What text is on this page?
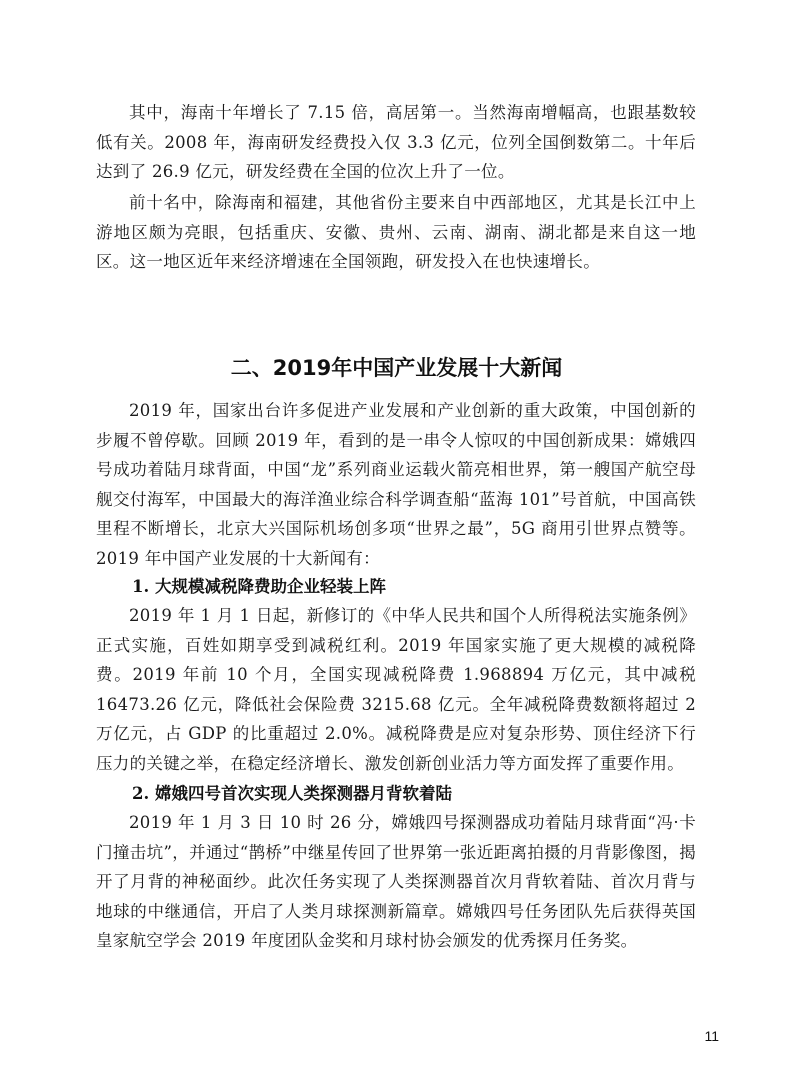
其中，海南十年增长了 7.15 倍，高居第一。当然海南增幅高，也跟基数较低有关。2008 年，海南研发经费投入仅 3.3 亿元，位列全国倒数第二。十年后达到了 26.9 亿元，研发经费在全国的位次上升了一位。

前十名中，除海南和福建，其他省份主要来自中西部地区，尤其是长江中上游地区颇为亮眼，包括重庆、安徽、贵州、云南、湖南、湖北都是来自这一地区。这一地区近年来经济增速在全国领跑，研发投入在也快速增长。

二、2019年中国产业发展十大新闻

2019 年，国家出台许多促进产业发展和产业创新的重大政策，中国创新的步履不曾停歇。回顾 2019 年，看到的是一串令人惊叹的中国创新成果：嫦娥四号成功着陆月球背面，中国“龙”系列商业运载火箭亮相世界，第一艘国产航空母舰交付海军，中国最大的海洋渔业综合科学调查船“蓝海 101”号首航，中国高铁里程不断增长，北京大兴国际机场创多项“世界之最”，5G 商用引世界点赞等。2019 年中国产业发展的十大新闻有：

1. 大规模减税降费助企业轻装上阵

2019 年 1 月 1 日起，新修订的《中华人民共和国个人所得税法实施条例》正式实施，百姓如期享受到减税红利。2019 年国家实施了更大规模的减税降费。2019 年前 10 个月，全国实现减税降费 1.968894 万亿元，其中减税 16473.26 亿元，降低社会保险费 3215.68 亿元。全年减税降费数额将超过 2 万亿元，占 GDP 的比重超过 2.0%。减税降费是应对复杂形势、顶住经济下行压力的关键之举，在稳定经济增长、激发创新创业活力等方面发挥了重要作用。

2. 嫦娥四号首次实现人类探测器月背软着陆

2019 年 1 月 3 日 10 时 26 分，嫦娥四号探测器成功着陆月球背面“冯·卡门撞击坑”，并通过“鹊桥”中继星传回了世界第一张近距离拍摄的月背影像图，揭开了月背的神秘面纱。此次任务实现了人类探测器首次月背软着陆、首次月背与地球的中继通信，开启了人类月球探测新篇章。嫦娥四号任务团队先后获得英国皇家航空学会 2019 年度团队金奖和月球村协会颁发的优秀探月任务奖。

11
